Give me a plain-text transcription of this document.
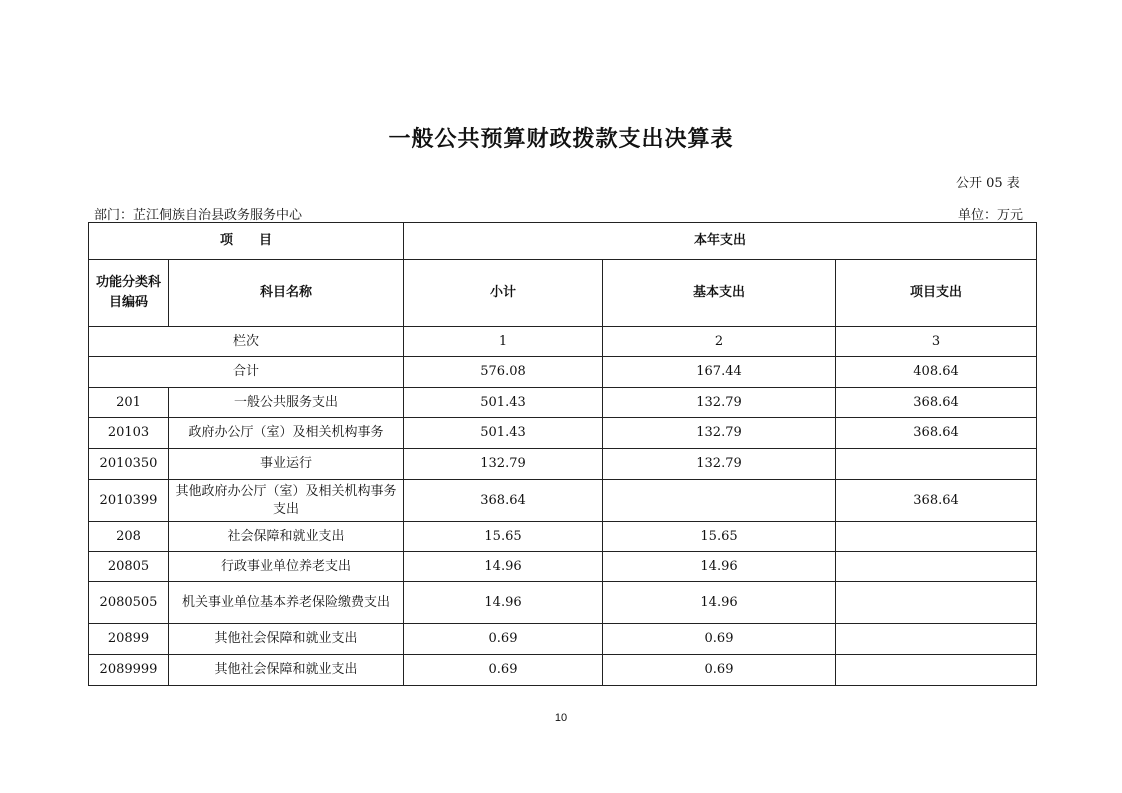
一般公共预算财政拨款支出决算表
公开 05 表
部门：芷江侗族自治县政务服务中心	单位：万元
项　　目		本年支出		
功能分类科目编码	科目名称	小计	基本支出	项目支出
栏次		1	2	3
合计		576.08	167.44	408.64
201	一般公共服务支出	501.43	132.79	368.64
20103	政府办公厅（室）及相关机构事务	501.43	132.79	368.64
2010350	事业运行	132.79	132.79	
2010399	其他政府办公厅（室）及相关机构事务支出	368.64		368.64
208	社会保障和就业支出	15.65	15.65	
20805	行政事业单位养老支出	14.96	14.96	
2080505	机关事业单位基本养老保险缴费支出	14.96	14.96	
20899	其他社会保障和就业支出	0.69	0.69	
2089999	其他社会保障和就业支出	0.69	0.69	
10
